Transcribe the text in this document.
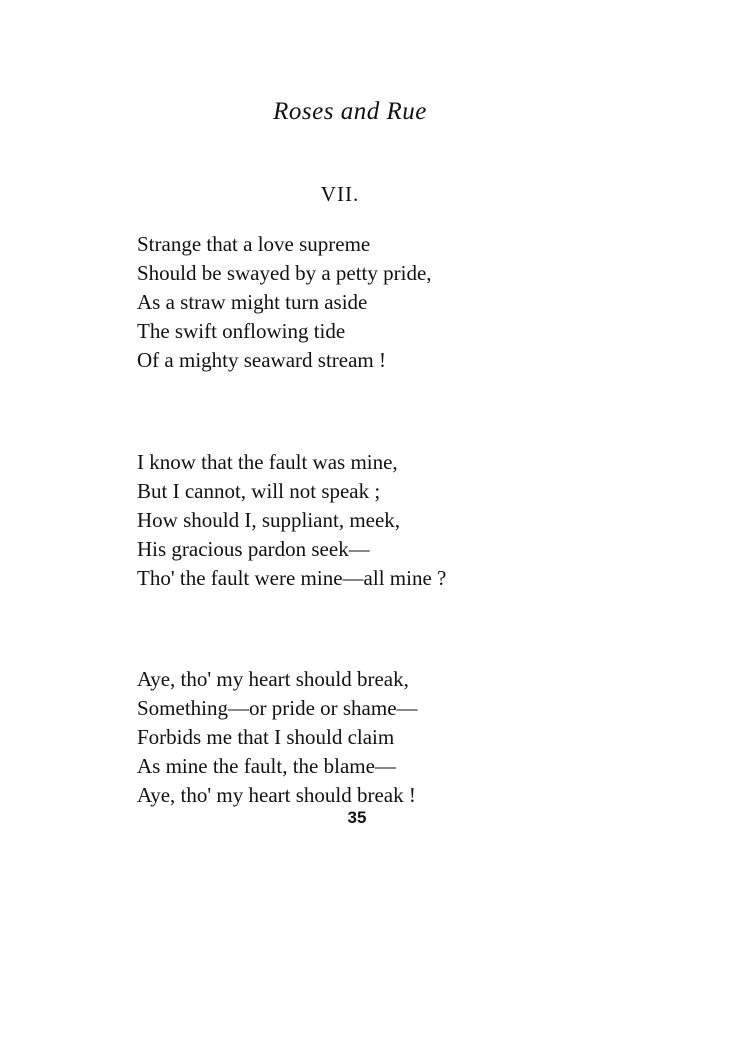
Roses and Rue
VII.
Strange that a love supreme
Should be swayed by a petty pride,
As a straw might turn aside
The swift onflowing tide
Of a mighty seaward stream !
I know that the fault was mine,
But I cannot, will not speak ;
How should I, suppliant, meek,
His gracious pardon seek—
Tho' the fault were mine—all mine ?
Aye, tho' my heart should break,
Something—or pride or shame—
Forbids me that I should claim
As mine the fault, the blame—
Aye, tho' my heart should break !
35
